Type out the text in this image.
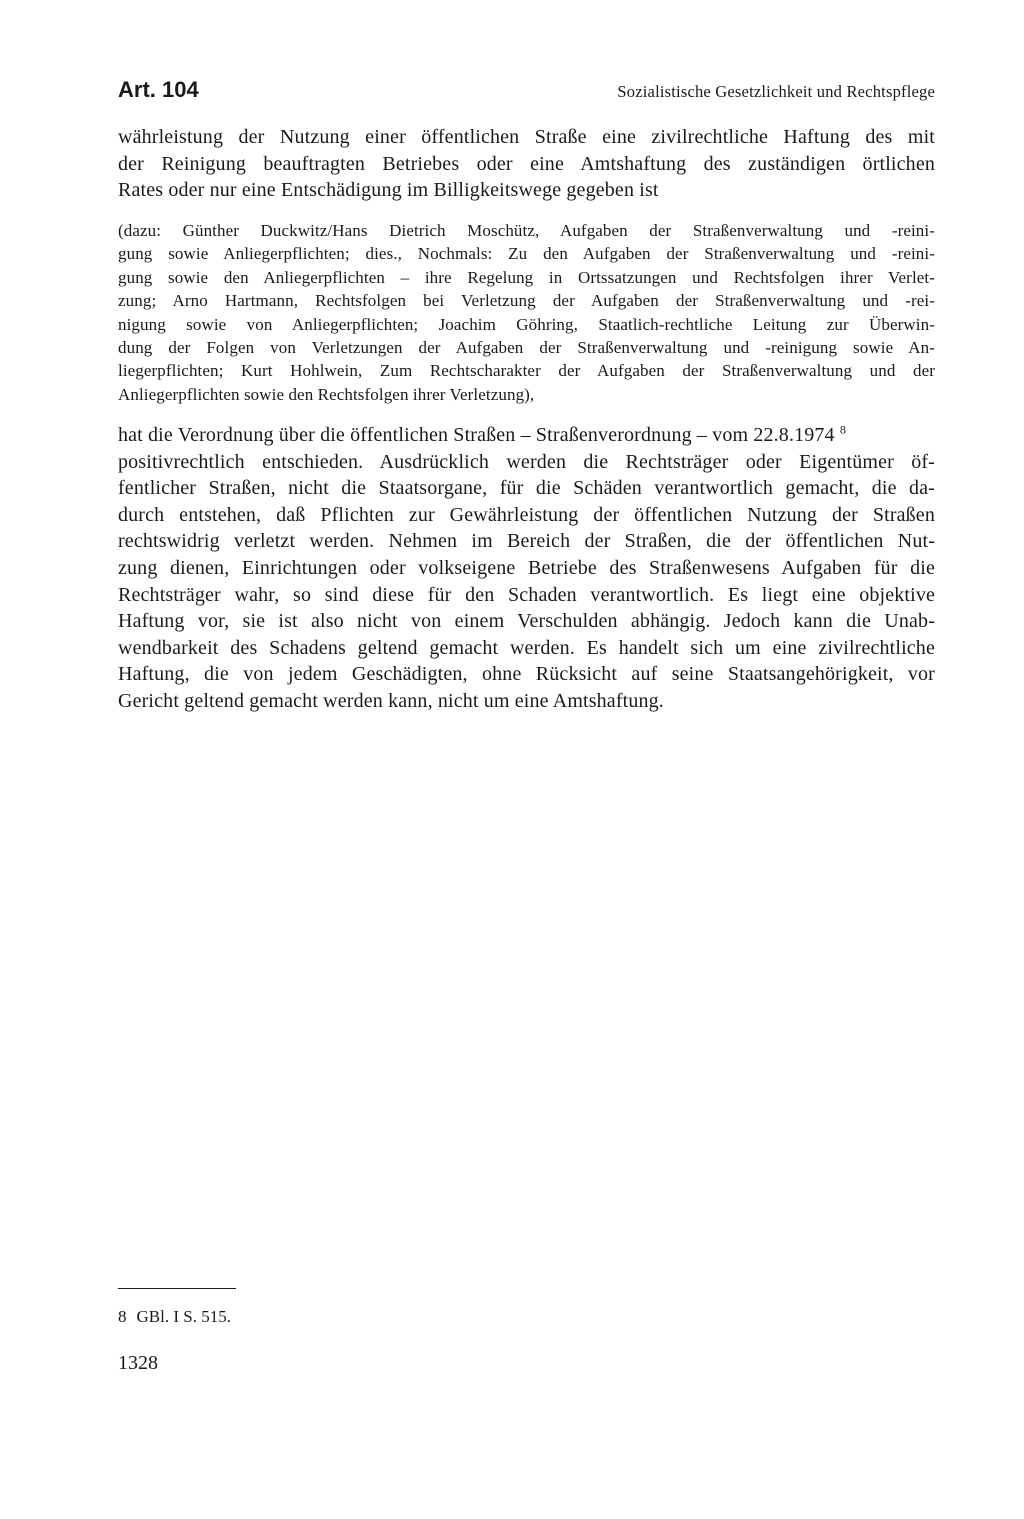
Art. 104	Sozialistische Gesetzlichkeit und Rechtspflege

währleistung der Nutzung einer öffentlichen Straße eine zivilrechtliche Haftung des mit
der Reinigung beauftragten Betriebes oder eine Amtshaftung des zuständigen örtlichen
Rates oder nur eine Entschädigung im Billigkeitswege gegeben ist

(dazu: Günther Duckwitz/Hans Dietrich Moschütz, Aufgaben der Straßenverwaltung und -reini-
gung sowie Anliegerpflichten; dies., Nochmals: Zu den Aufgaben der Straßenverwaltung und -reini-
gung sowie den Anliegerpflichten – ihre Regelung in Ortssatzungen und Rechtsfolgen ihrer Verlet-
zung; Arno Hartmann, Rechtsfolgen bei Verletzung der Aufgaben der Straßenverwaltung und -rei-
nigung sowie von Anliegerpflichten; Joachim Göhring, Staatlich-rechtliche Leitung zur Überwin-
dung der Folgen von Verletzungen der Aufgaben der Straßenverwaltung und -reinigung sowie An-
liegerpflichten; Kurt Hohlwein, Zum Rechtscharakter der Aufgaben der Straßenverwaltung und der
Anliegerpflichten sowie den Rechtsfolgen ihrer Verletzung),

hat die Verordnung über die öffentlichen Straßen – Straßenverordnung – vom 22.8.1974 $^8$
positivrechtlich entschieden. Ausdrücklich werden die Rechtsträger oder Eigentümer öf-
fentlicher Straßen, nicht die Staatsorgane, für die Schäden verantwortlich gemacht, die da-
durch entstehen, daß Pflichten zur Gewährleistung der öffentlichen Nutzung der Straßen
rechtswidrig verletzt werden. Nehmen im Bereich der Straßen, die der öffentlichen Nut-
zung dienen, Einrichtungen oder volkseigene Betriebe des Straßenwesens Aufgaben für die
Rechtsträger wahr, so sind diese für den Schaden verantwortlich. Es liegt eine objektive
Haftung vor, sie ist also nicht von einem Verschulden abhängig. Jedoch kann die Unab-
wendbarkeit des Schadens geltend gemacht werden. Es handelt sich um eine zivilrechtliche
Haftung, die von jedem Geschädigten, ohne Rücksicht auf seine Staatsangehörigkeit, vor
Gericht geltend gemacht werden kann, nicht um eine Amtshaftung.

8 GBl. I S. 515.
1328
